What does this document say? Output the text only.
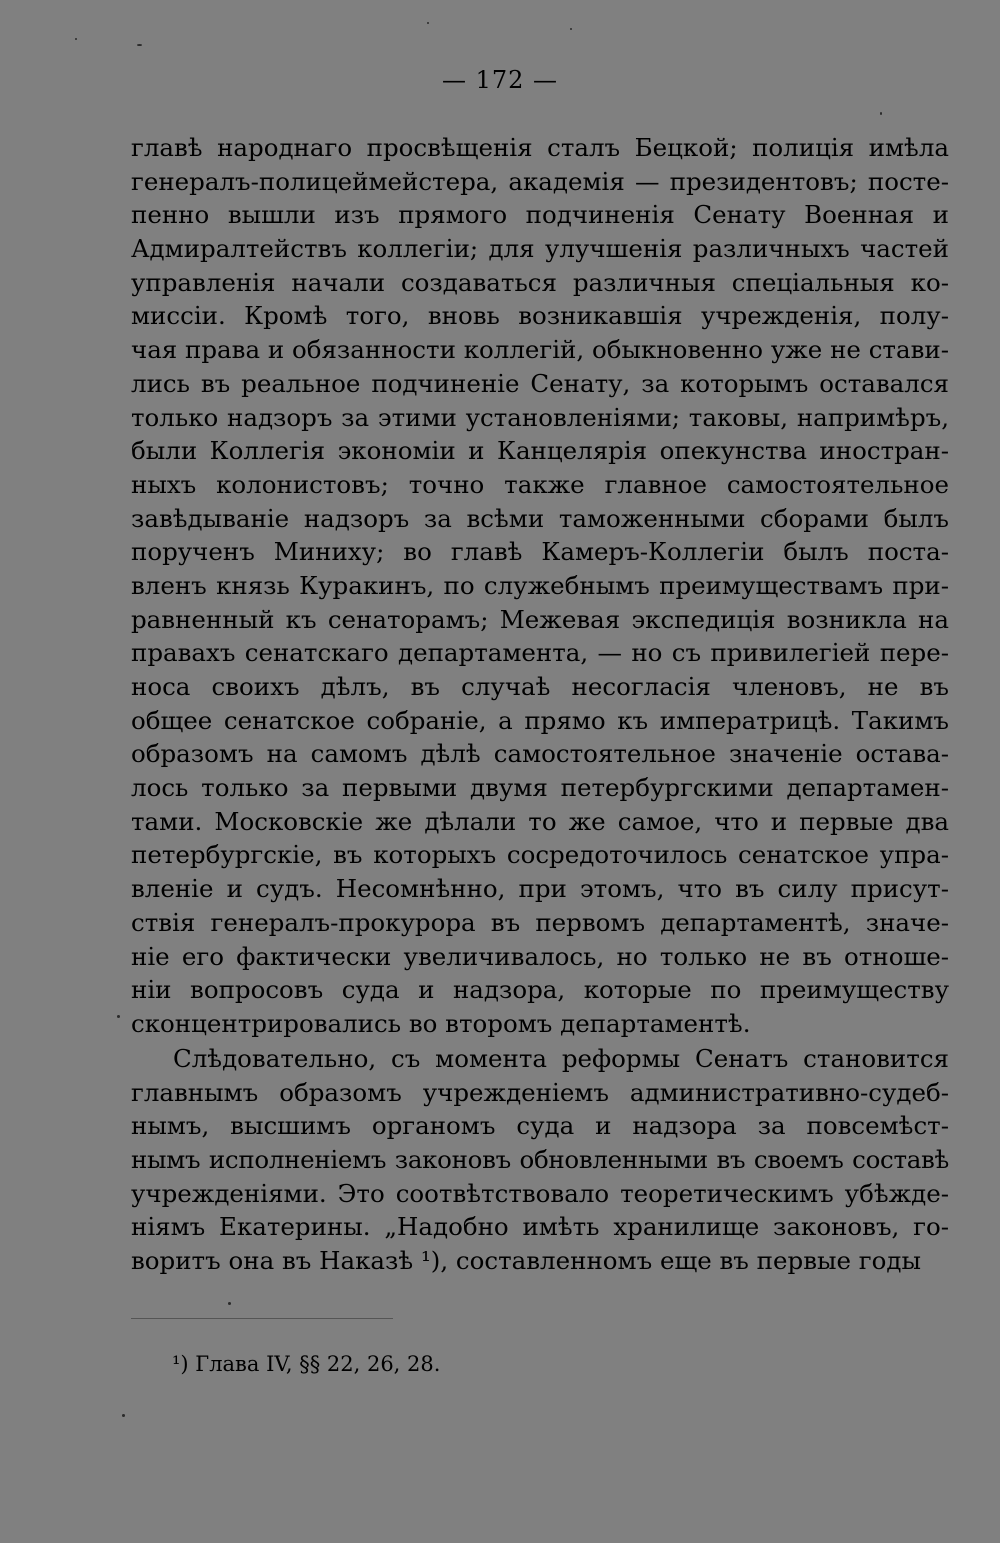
— 172 —
главѣ народнаго просвѣщенія сталъ Бецкой; полиція имѣла
генералъ-полицеймейстера, академія — президентовъ; посте-
пенно вышли изъ прямого подчиненія Сенату Военная и
Адмиралтействъ коллегіи; для улучшенія различныхъ частей
управленія начали создаваться различныя спеціальныя ко-
миссіи. Кромѣ того, вновь возникавшія учрежденія, полу-
чая права и обязанности коллегій, обыкновенно уже не стави-
лись въ реальное подчиненіе Сенату, за которымъ оставался
только надзоръ за этими установленіями; таковы, напримѣръ,
были Коллегія экономіи и Канцелярія опекунства иностран-
ныхъ колонистовъ; точно также главное самостоятельное
завѣдываніе надзоръ за всѣми таможенными сборами былъ
порученъ Миниху; во главѣ Камеръ-Коллегіи былъ поста-
вленъ князь Куракинъ, по служебнымъ преимуществамъ при-
равненный къ сенаторамъ; Межевая экспедиція возникла на
правахъ сенатскаго департамента, — но съ привилегіей пере-
носа своихъ дѣлъ, въ случаѣ несогласія членовъ, не въ
общее сенатское собраніе, а прямо къ императрицѣ. Такимъ
образомъ на самомъ дѣлѣ самостоятельное значеніе остава-
лось только за первыми двумя петербургскими департамен-
тами. Московскіе же дѣлали то же самое, что и первые два
петербургскіе, въ которыхъ сосредоточилось сенатское упра-
вленіе и судъ. Несомнѣнно, при этомъ, что въ силу присут-
ствія генералъ-прокурора въ первомъ департаментѣ, значе-
ніе его фактически увеличивалось, но только не въ отноше-
ніи вопросовъ суда и надзора, которые по преимуществу
сконцентрировались во второмъ департаментѣ.
Слѣдовательно, съ момента реформы Сенатъ становится
главнымъ образомъ учрежденіемъ административно-судеб-
нымъ, высшимъ органомъ суда и надзора за повсемѣст-
нымъ исполненіемъ законовъ обновленными въ своемъ составѣ
учрежденіями. Это соотвѣтствовало теоретическимъ убѣжде-
ніямъ Екатерины. „Надобно имѣть хранилище законовъ, го-
воритъ она въ Наказѣ ¹), составленномъ еще въ первые годы
¹) Глава IV, §§ 22, 26, 28.
